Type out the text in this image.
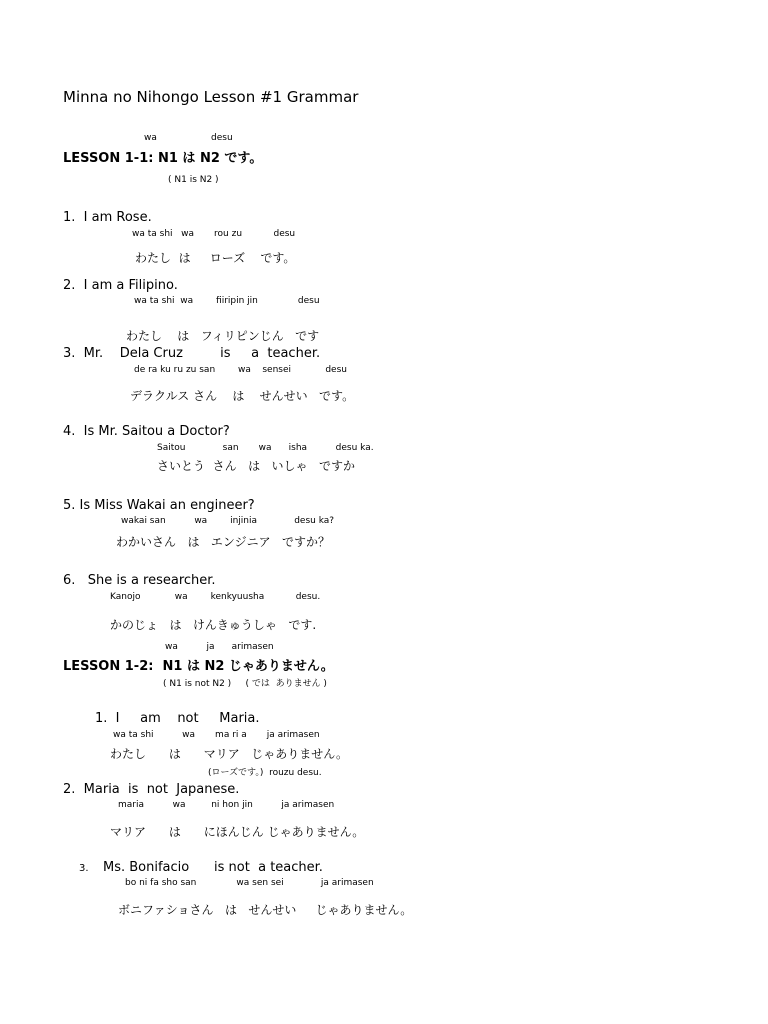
Minna no Nihongo Lesson #1 Grammar
wa	desu
LESSON 1-1: N1 は N2 です。
( N1 is N2 )
1.  I am Rose.
wa ta shi   wa       rou zu           desu
わたし  は     ローズ    です。
2.  I am a Filipino.
wa ta shi  wa        fiiripin jin              desu
わたし    は   フィリピンじん   です
3.  Mr.    Dela Cruz         is     a  teacher.
de ra ku ru zu san        wa    sensei            desu
デラクルス さん    は    せんせい   です。
4.  Is Mr. Saitou a Doctor?
Saitou             san       wa      isha          desu ka.
さいとう  さん   は   いしゃ   ですか
5. Is Miss Wakai an engineer?
wakai san          wa        injinia             desu ka?
わかいさん   は   エンジニア   ですか？
6.   She is a researcher.
Kanojo            wa        kenkyuusha           desu.
かのじょ   は   けんきゅうしゃ   です.
wa          ja      arimasen
LESSON 1-2:  N1 は N2 じゃありません。
( N1 is not N2 )     ( では  ありません )
1.  I     am    not     Maria.
wa ta shi          wa       ma ri a       ja arimasen
わたし      は      マリア   じゃありません。
(ローズです。)  rouzu desu.
2.  Maria  is  not  Japanese.
maria          wa         ni hon jin          ja arimasen
マリア      は      にほんじん じゃありません。
3. Ms. Bonifacio      is not  a teacher.
bo ni fa sho san              wa sen sei             ja arimasen
ボニファショさん   は   せんせい     じゃありません。
